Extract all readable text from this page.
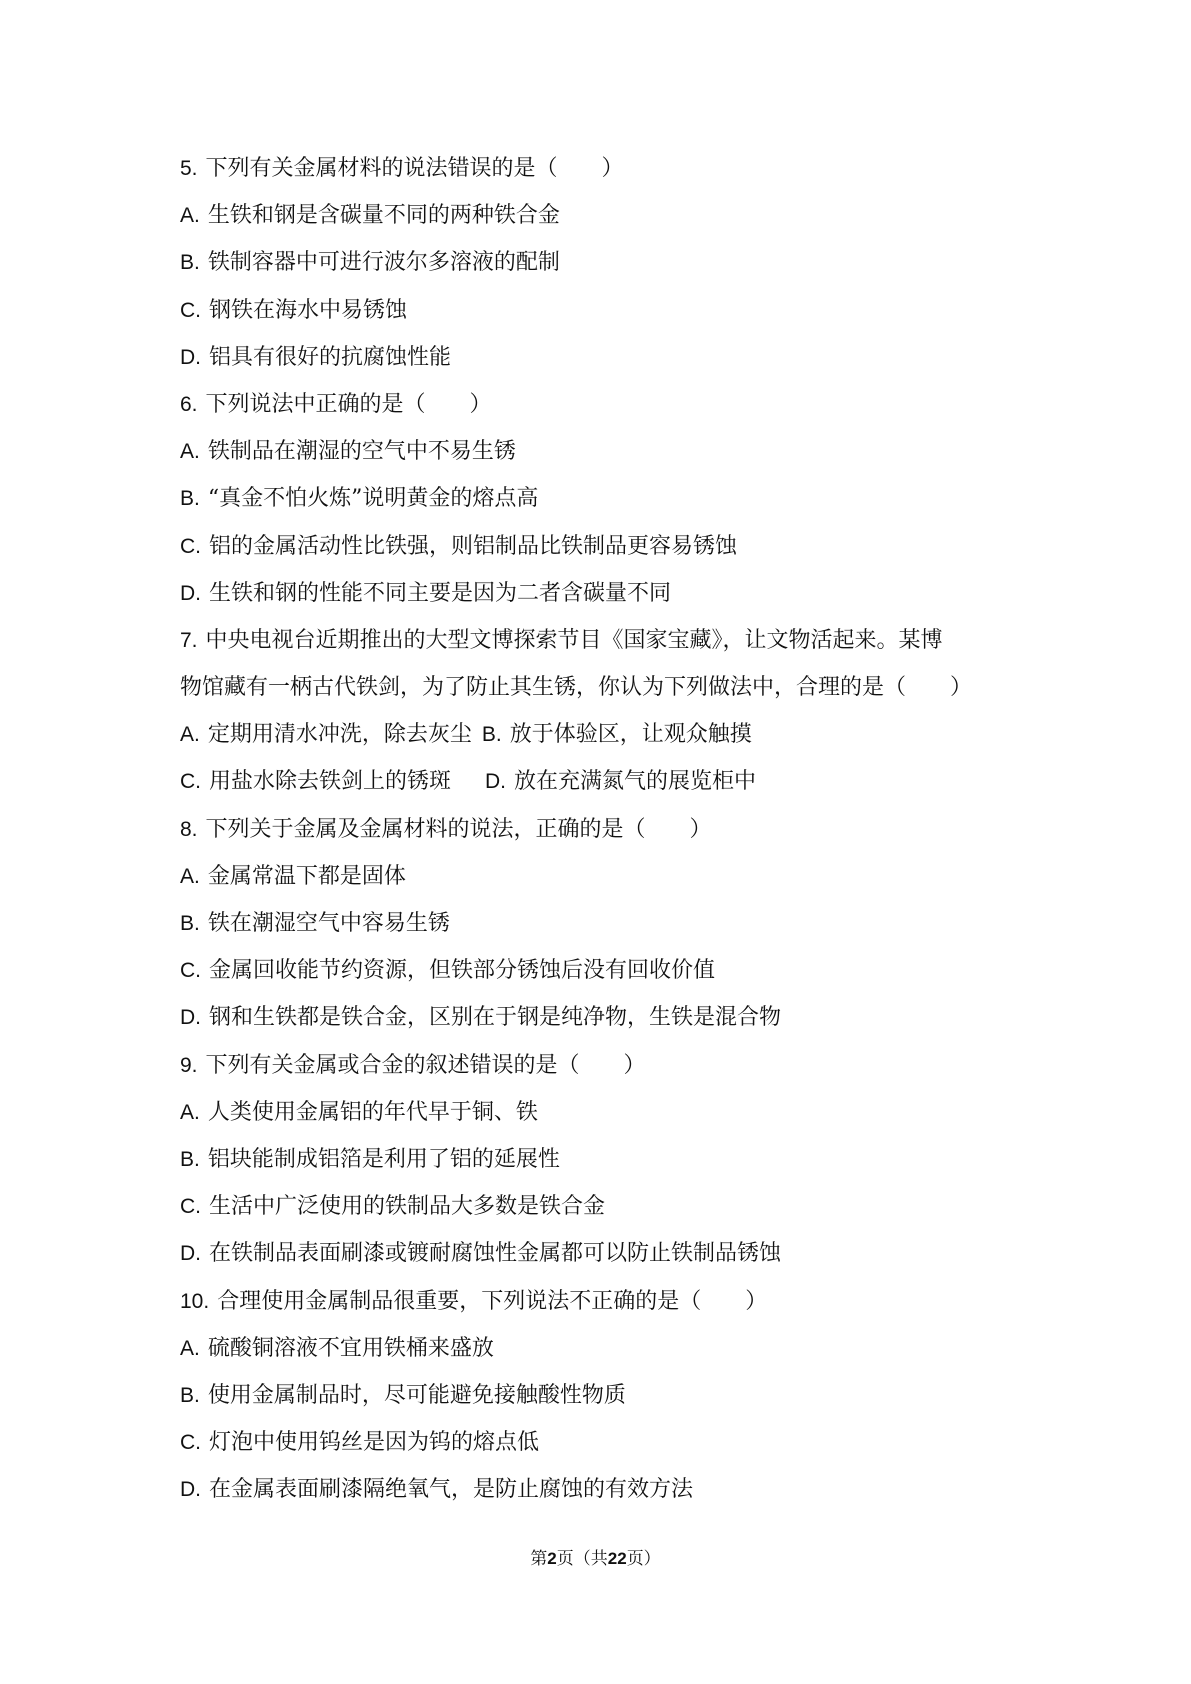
5. 下列有关金属材料的说法错误的是（　　）
A. 生铁和钢是含碳量不同的两种铁合金
B. 铁制容器中可进行波尔多溶液的配制
C. 钢铁在海水中易锈蚀
D. 铝具有很好的抗腐蚀性能
6. 下列说法中正确的是（　　）
A. 铁制品在潮湿的空气中不易生锈
B. “真金不怕火炼”说明黄金的熔点高
C. 铝的金属活动性比铁强，则铝制品比铁制品更容易锈蚀
D. 生铁和钢的性能不同主要是因为二者含碳量不同
7. 中央电视台近期推出的大型文博探索节目《国家宝藏》，让文物活起来。某博
物馆藏有一柄古代铁剑，为了防止其生锈，你认为下列做法中，合理的是（　　）
A. 定期用清水冲洗，除去灰尘 B. 放于体验区，让观众触摸
C. 用盐水除去铁剑上的锈斑 D. 放在充满氮气的展览柜中
8. 下列关于金属及金属材料的说法，正确的是（　　）
A. 金属常温下都是固体
B. 铁在潮湿空气中容易生锈
C. 金属回收能节约资源，但铁部分锈蚀后没有回收价值
D. 钢和生铁都是铁合金，区别在于钢是纯净物，生铁是混合物
9. 下列有关金属或合金的叙述错误的是（　　）
A. 人类使用金属铝的年代早于铜、铁
B. 铝块能制成铝箔是利用了铝的延展性
C. 生活中广泛使用的铁制品大多数是铁合金
D. 在铁制品表面刷漆或镀耐腐蚀性金属都可以防止铁制品锈蚀
10. 合理使用金属制品很重要，下列说法不正确的是（　　）
A. 硫酸铜溶液不宜用铁桶来盛放
B. 使用金属制品时，尽可能避免接触酸性物质
C. 灯泡中使用钨丝是因为钨的熔点低
D. 在金属表面刷漆隔绝氧气，是防止腐蚀的有效方法
第2页（共22页）
